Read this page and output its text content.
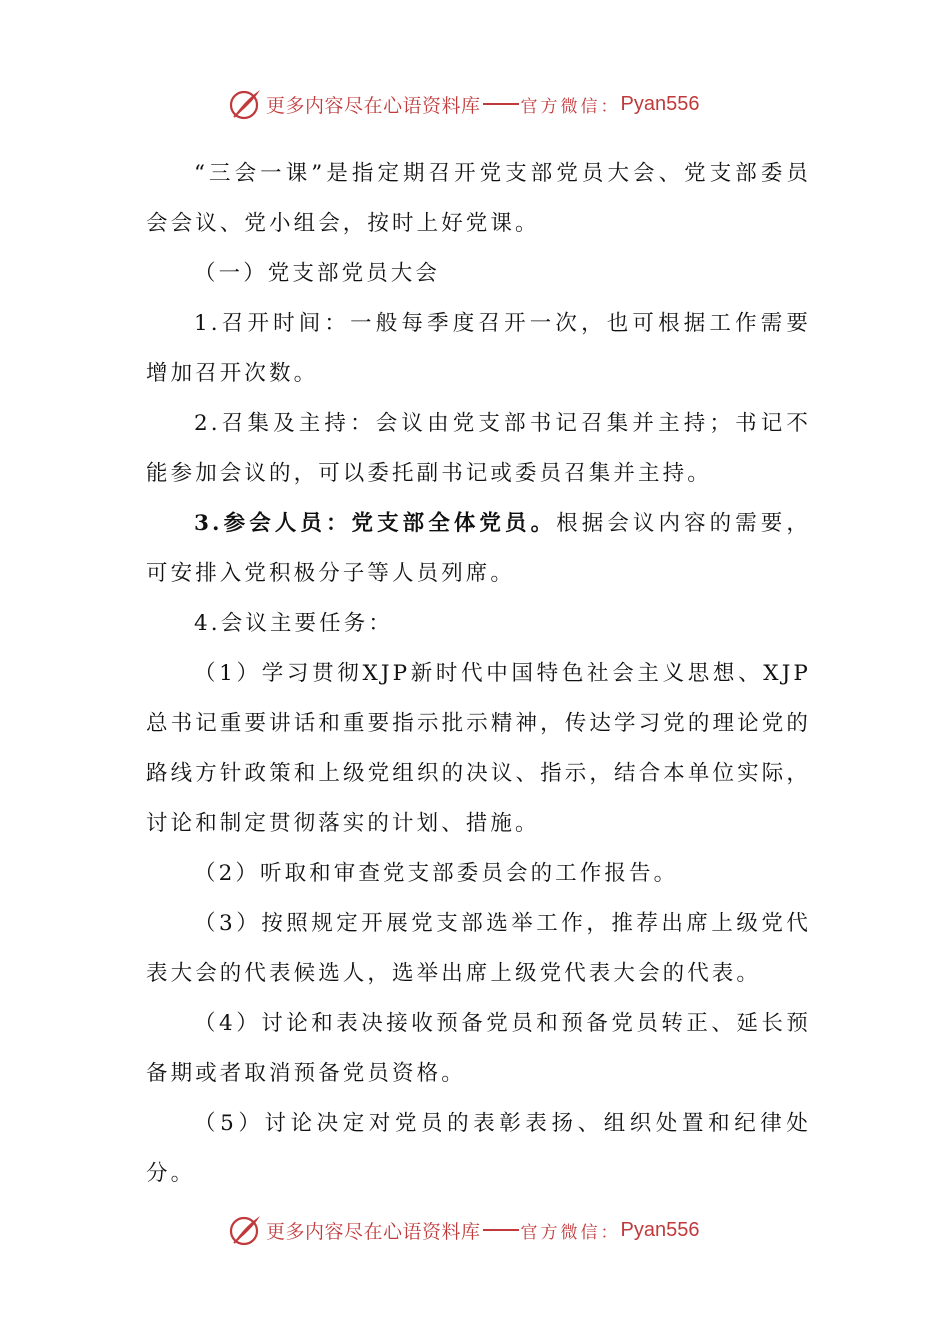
更多内容尽在心语资料库 官方微信： Pyan556

“三会一课”是指定期召开党支部党员大会、党支部委员会会议、党小组会，按时上好党课。

（一）党支部党员大会

1.召开时间：一般每季度召开一次，也可根据工作需要增加召开次数。

2.召集及主持：会议由党支部书记召集并主持；书记不能参加会议的，可以委托副书记或委员召集并主持。

3.参会人员：党支部全体党员。根据会议内容的需要，可安排入党积极分子等人员列席。

4.会议主要任务：

（1）学习贯彻XJP新时代中国特色社会主义思想、XJP总书记重要讲话和重要指示批示精神，传达学习党的理论党的路线方针政策和上级党组织的决议、指示，结合本单位实际，讨论和制定贯彻落实的计划、措施。

（2）听取和审查党支部委员会的工作报告。

（3）按照规定开展党支部选举工作，推荐出席上级党代表大会的代表候选人，选举出席上级党代表大会的代表。

（4）讨论和表决接收预备党员和预备党员转正、延长预备期或者取消预备党员资格。

（5）讨论决定对党员的表彰表扬、组织处置和纪律处分。

更多内容尽在心语资料库 官方微信： Pyan556
